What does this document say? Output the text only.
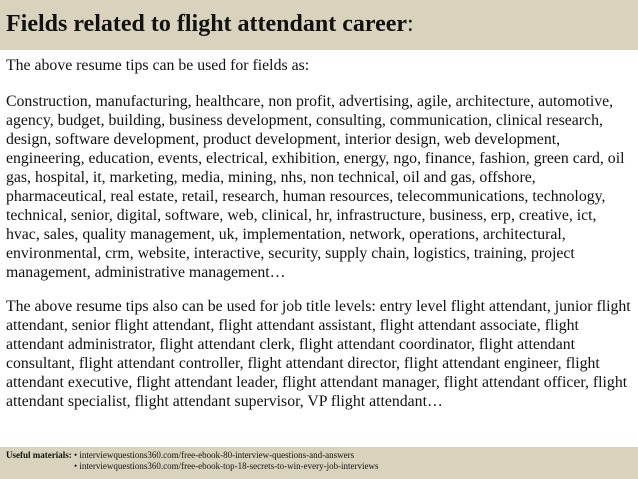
Fields related to flight attendant career:

The above resume tips can be used for fields as:

Construction, manufacturing, healthcare, non profit, advertising, agile, architecture, automotive, agency, budget, building, business development, consulting, communication, clinical research, design, software development, product development, interior design, web development, engineering, education, events, electrical, exhibition, energy, ngo, finance, fashion, green card, oil gas, hospital, it, marketing, media, mining, nhs, non technical, oil and gas, offshore, pharmaceutical, real estate, retail, research, human resources, telecommunications, technology, technical, senior, digital, software, web, clinical, hr, infrastructure, business, erp, creative, ict, hvac, sales, quality management, uk, implementation, network, operations, architectural, environmental, crm, website, interactive, security, supply chain, logistics, training, project management, administrative management…

The above resume tips also can be used for job title levels: entry level flight attendant, junior flight attendant, senior flight attendant, flight attendant assistant, flight attendant associate, flight attendant administrator, flight attendant clerk, flight attendant coordinator, flight attendant consultant, flight attendant controller, flight attendant director, flight attendant engineer, flight attendant executive, flight attendant leader, flight attendant manager, flight attendant officer, flight attendant specialist, flight attendant supervisor, VP flight attendant…

Useful materials: • interviewquestions360.com/free-ebook-80-interview-questions-and-answers
• interviewquestions360.com/free-ebook-top-18-secrets-to-win-every-job-interviews
